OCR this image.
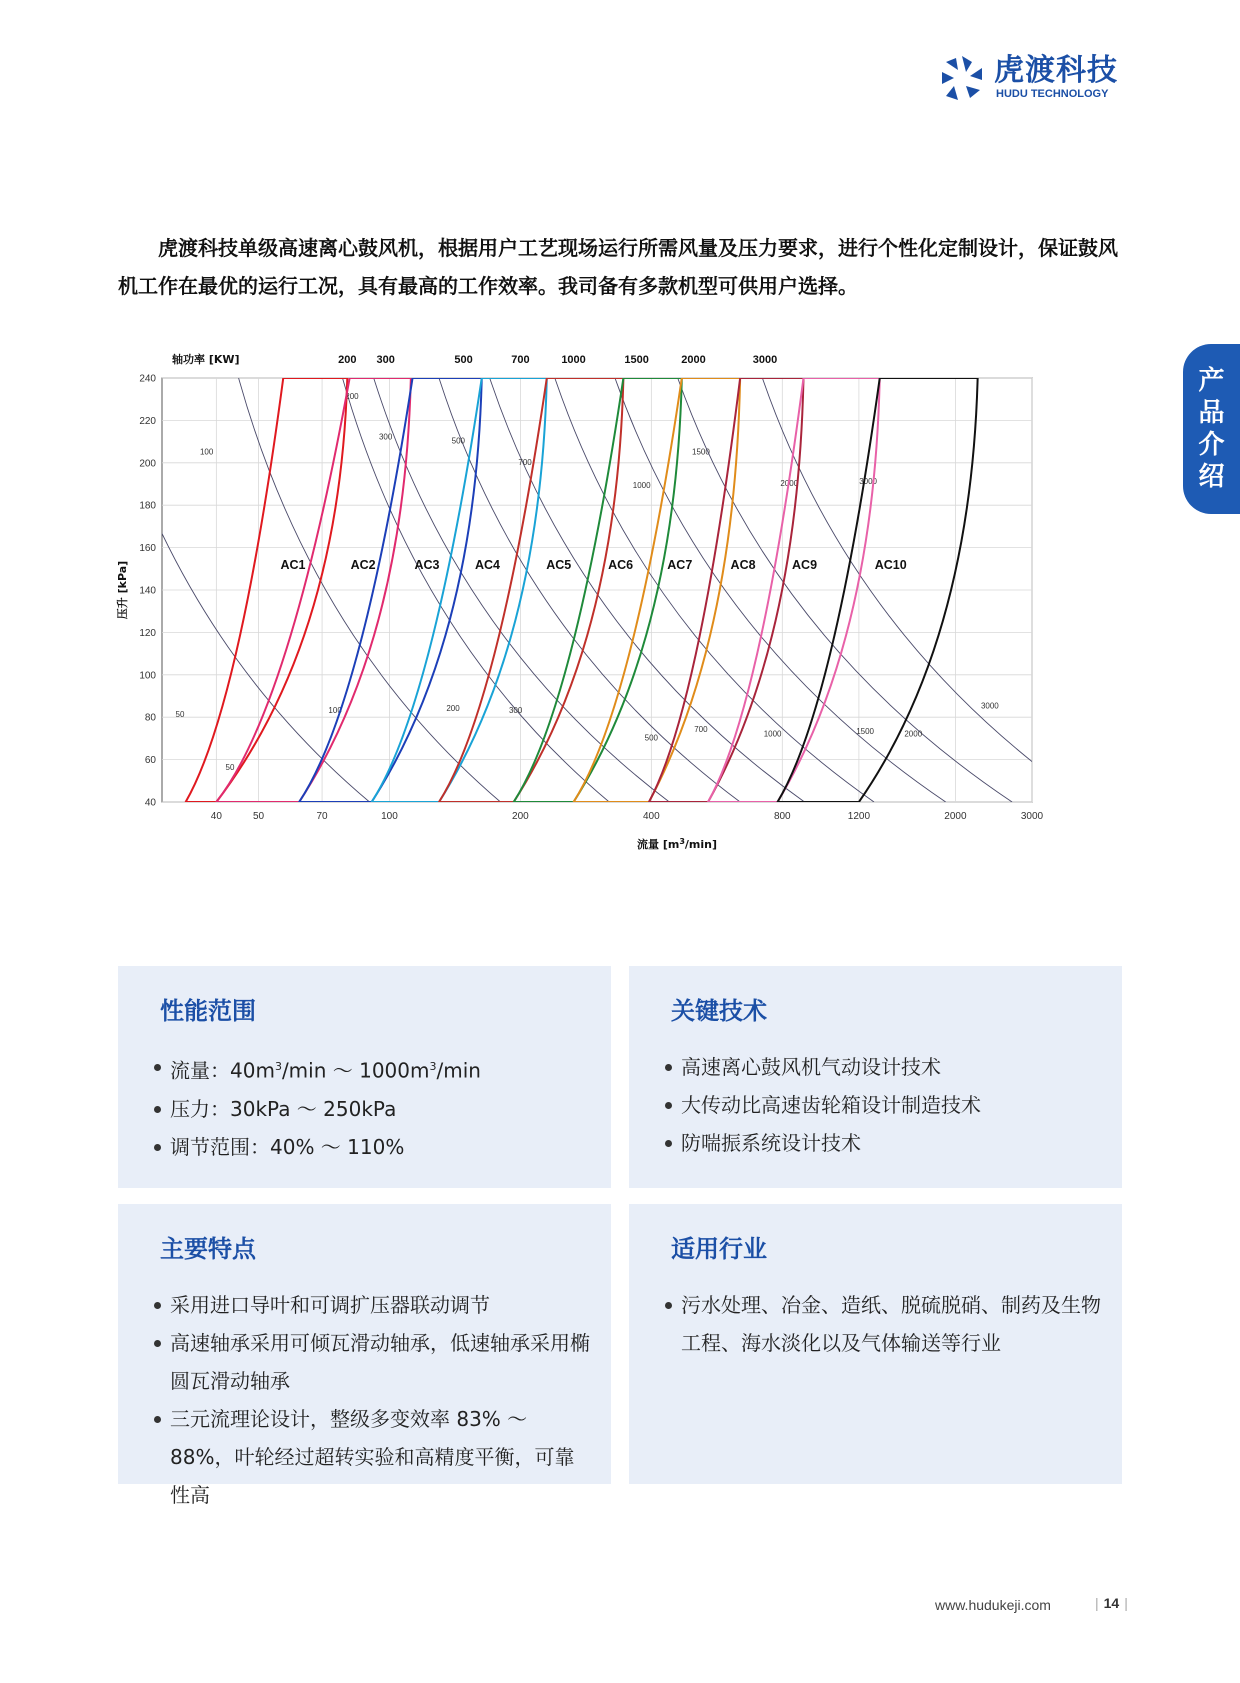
虎渡科技
HUDU TECHNOLOGY
产
品
介
绍

虎渡科技单级高速离心鼓风机，根据用户工艺现场运行所需风量及压力要求，进行个性化定制设计，保证鼓风机工作在最优的运行工况，具有最高的工作效率。我司备有多款机型可供用户选择。

40	50	70	100	200	400	800	1200	2000	3000
40
60
80
100
120
140
160
180
200
220
240
轴功率 [KW]	200 300	500	700	1000	1500	2000	3000
流量 $[m^3/\min]$
压升 [kPa]
50
50
100
100
200
200
300
300
500
500
700
700
1000
1000
1500
1500
2000
2000
3000
3000
AC1	AC2	AC3	AC4	AC5	AC6	AC7	AC8	AC9	AC10
性能范围
流量：$40m^3/\min$ ～ $1000m^3/\min$
压力：30kPa ～ 250kPa
调节范围：40% ～ 110%
关键技术
高速离心鼓风机气动设计技术
大传动比高速齿轮箱设计制造技术
防喘振系统设计技术
主要特点
采用进口导叶和可调扩压器联动调节
高速轴承采用可倾瓦滑动轴承，低速轴承采用椭圆瓦滑动轴承
三元流理论设计，整级多变效率 83% ～ 88%，叶轮经过超转实验和高精度平衡，可靠性高
适用行业
污水处理、冶金、造纸、脱硫脱硝、制药及生物工程、海水淡化以及气体输送等行业
www.hudukeji.com	| 14 |
